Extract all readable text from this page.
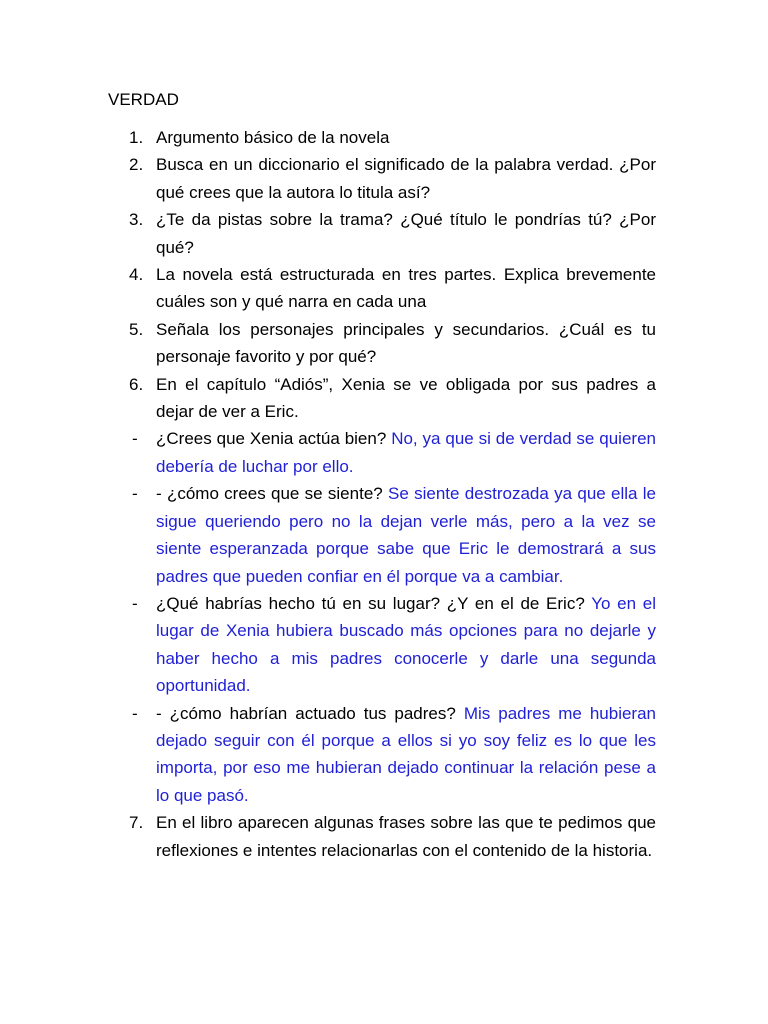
VERDAD
1. Argumento básico de la novela
2. Busca en un diccionario el significado de la palabra verdad. ¿Por qué crees que la autora lo titula así?
3. ¿Te da pistas sobre la trama? ¿Qué título le pondrías tú? ¿Por qué?
4. La novela está estructurada en tres partes. Explica brevemente cuáles son y qué narra en cada una
5. Señala los personajes principales y secundarios. ¿Cuál es tu personaje favorito y por qué?
6. En el capítulo “Adiós”, Xenia se ve obligada por sus padres a dejar de ver a Eric.
- ¿Crees que Xenia actúa bien? No, ya que si de verdad se quieren debería de luchar por ello.
- - ¿cómo crees que se siente? Se siente destrozada ya que ella le sigue queriendo pero no la dejan verle más, pero a la vez se siente esperanzada porque sabe que Eric le demostrará a sus padres que pueden confiar en él porque va a cambiar.
- ¿Qué habrías hecho tú en su lugar? ¿Y en el de Eric? Yo en el lugar de Xenia hubiera buscado más opciones para no dejarle y haber hecho a mis padres conocerle y darle una segunda oportunidad.
- - ¿cómo habrían actuado tus padres? Mis padres me hubieran dejado seguir con él porque a ellos si yo soy feliz es lo que les importa, por eso me hubieran dejado continuar la relación pese a lo que pasó.
7. En el libro aparecen algunas frases sobre las que te pedimos que reflexiones e intentes relacionarlas con el contenido de la historia.
